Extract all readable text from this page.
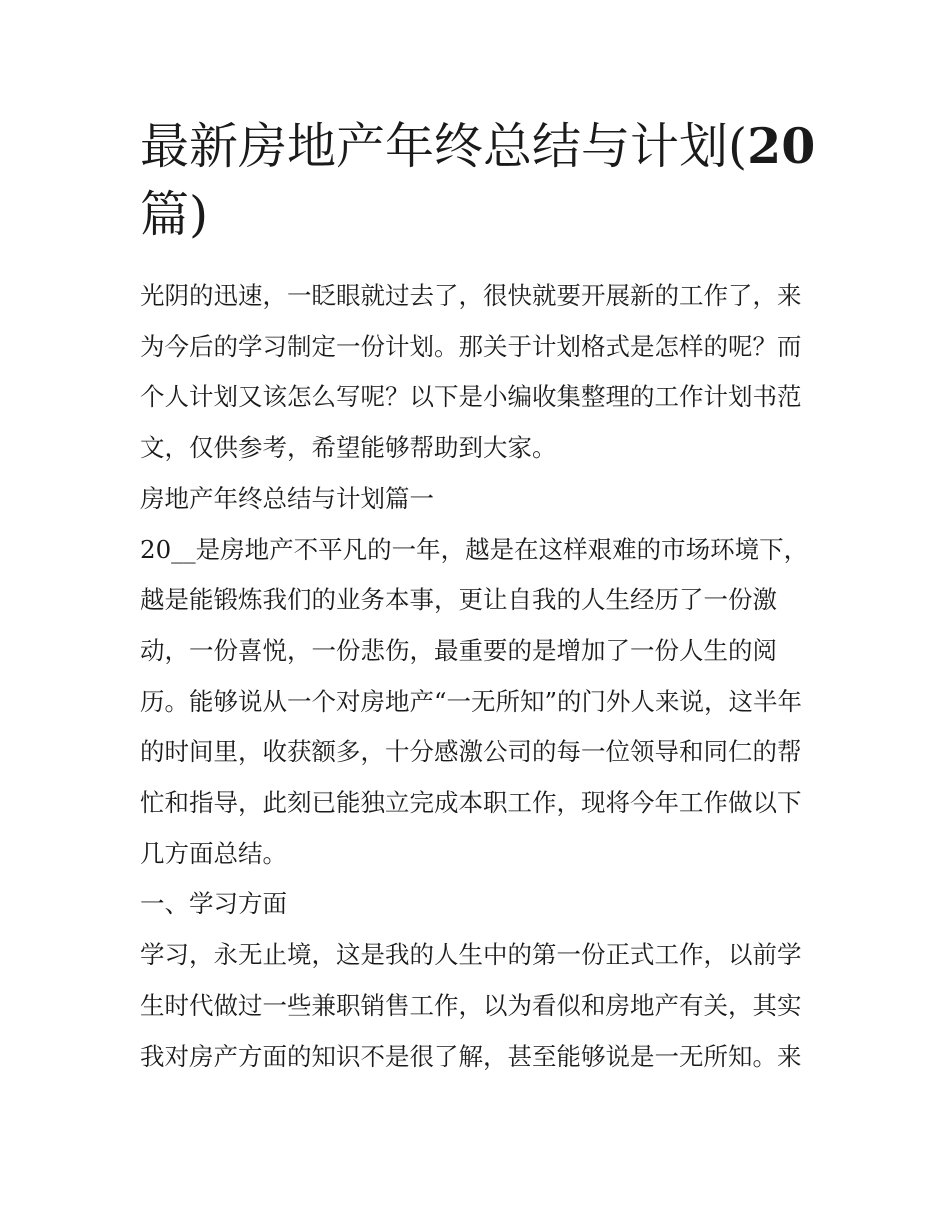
最新房地产年终总结与计划(20
篇)
光阴的迅速，一眨眼就过去了，很快就要开展新的工作了，来
为今后的学习制定一份计划。那关于计划格式是怎样的呢？而
个人计划又该怎么写呢？以下是小编收集整理的工作计划书范
文，仅供参考，希望能够帮助到大家。
房地产年终总结与计划篇一
20__是房地产不平凡的一年，越是在这样艰难的市场环境下，
越是能锻炼我们的业务本事，更让自我的人生经历了一份激
动，一份喜悦，一份悲伤，最重要的是增加了一份人生的阅
历。能够说从一个对房地产“一无所知”的门外人来说，这半年
的时间里，收获额多，十分感激公司的每一位领导和同仁的帮
忙和指导，此刻已能独立完成本职工作，现将今年工作做以下
几方面总结。
一、学习方面
学习，永无止境，这是我的人生中的第一份正式工作，以前学
生时代做过一些兼职销售工作，以为看似和房地产有关，其实
我对房产方面的知识不是很了解，甚至能够说是一无所知。来
